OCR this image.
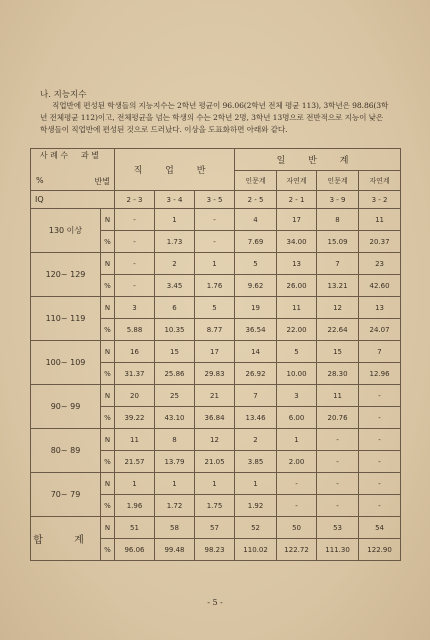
나. 지능지수
직업반에 편성된 학생들의 지능지수는 2학년 평균이 96.06(2학년 전체 평균 113), 3학년은 98.86(3학년 전체평균 112)이고, 전체평균을 넘는 학생의 수는 2학년 2명, 3학년 13명으로 전반적으로 지능이 낮은 학생들이 직업반에 편성된 것으로 드러났다. 이상을 도표화하면 아래와 같다.
사 례 수 과 별
% 반별		직 업 반			일 반 계			
					인문계	자연계	인문계	자연계
IQ		2 - 3	3 - 4	3 - 5	2 - 5	2 - 1	3 - 9	3 - 2
130 이상	N	-	1	-	4	17	8	11
	%	-	1.73	-	7.69	34.00	15.09	20.37
120~ 129	N	-	2	1	5	13	7	23
	%	-	3.45	1.76	9.62	26.00	13.21	42.60
110~ 119	N	3	6	5	19	11	12	13
	%	5.88	10.35	8.77	36.54	22.00	22.64	24.07
100~ 109	N	16	15	17	14	5	15	7
	%	31.37	25.86	29.83	26.92	10.00	28.30	12.96
90~ 99	N	20	25	21	7	3	11	-
	%	39.22	43.10	36.84	13.46	6.00	20.76	-
80~ 89	N	11	8	12	2	1	-	-
	%	21.57	13.79	21.05	3.85	2.00	-	-
70~ 79	N	1	1	1	1	-	-	-
	%	1.96	1.72	1.75	1.92	-	-	-
합 계	N	51	58	57	52	50	53	54
	%	96.06	99.48	98.23	110.02	122.72	111.30	122.90
- 5 -
